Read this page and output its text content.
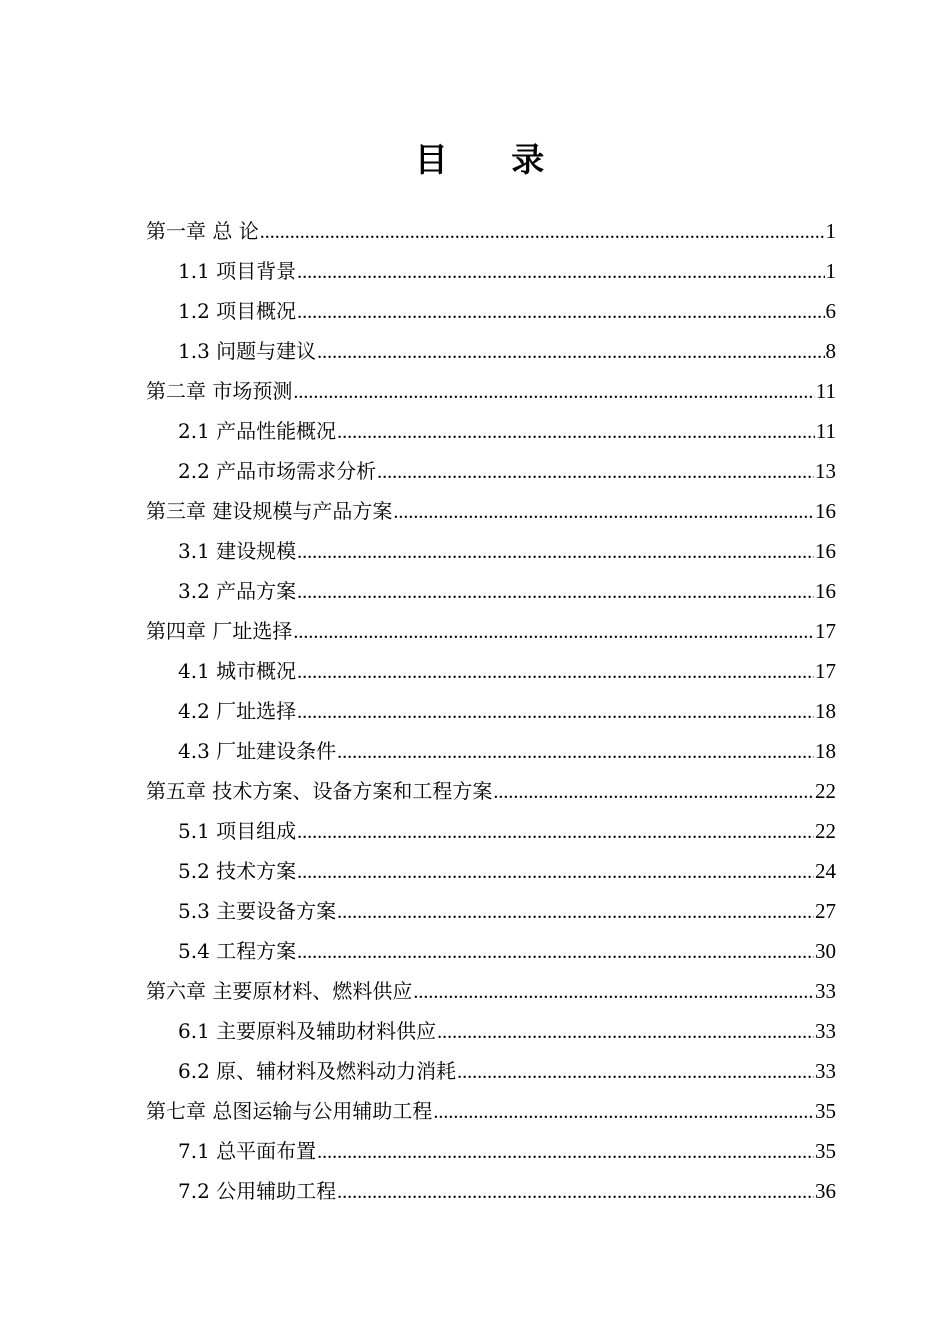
目 录
第一章 总 论 .....	1
1.1 项目背景 .....	1
1.2 项目概况 .....	6
1.3 问题与建议 .....	8
第二章 市场预测 .....	11
2.1 产品性能概况 .....	11
2.2 产品市场需求分析 .....	13
第三章 建设规模与产品方案 .....	16
3.1 建设规模 .....	16
3.2 产品方案 .....	16
第四章 厂址选择 .....	17
4.1 城市概况 .....	17
4.2 厂址选择 .....	18
4.3 厂址建设条件 .....	18
第五章 技术方案、设备方案和工程方案 .....	22
5.1 项目组成 .....	22
5.2 技术方案 .....	24
5.3 主要设备方案 .....	27
5.4 工程方案 .....	30
第六章 主要原材料、燃料供应 .....	33
6.1 主要原料及辅助材料供应 .....	33
6.2 原、辅材料及燃料动力消耗 .....	33
第七章 总图运输与公用辅助工程 .....	35
7.1 总平面布置 .....	35
7.2 公用辅助工程 .....	36
